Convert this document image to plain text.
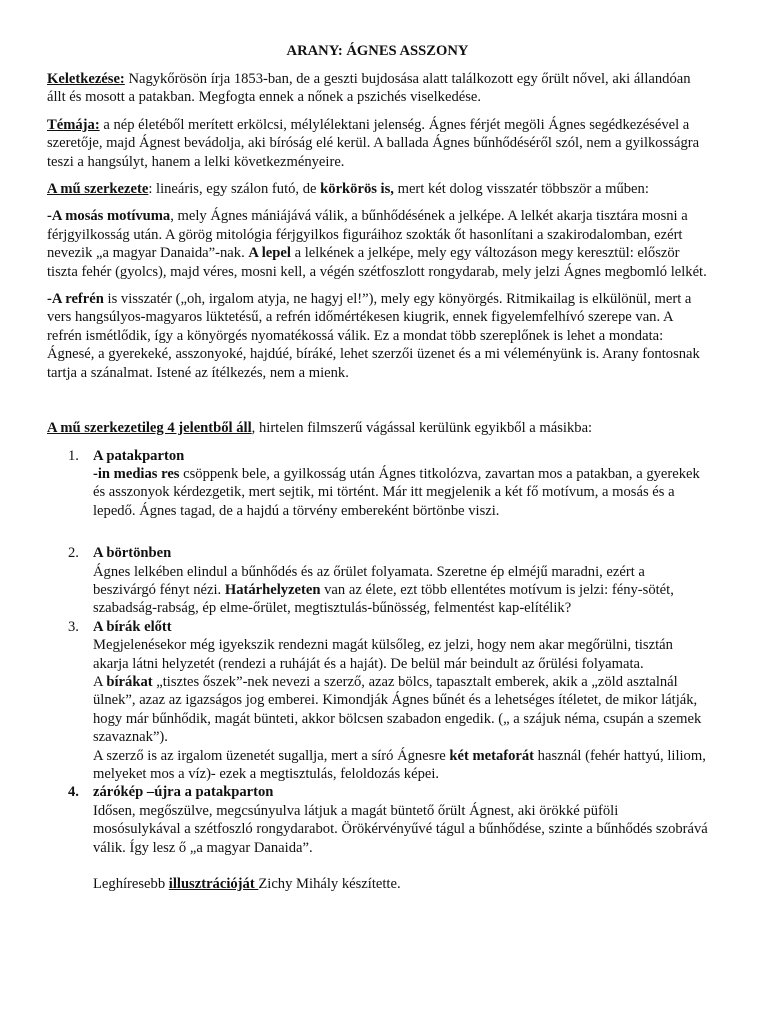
ARANY: ÁGNES ASSZONY

Keletkezése: Nagykőrösön írja 1853-ban, de a geszti bujdosása alatt találkozott egy őrült nővel, aki állandóan állt és mosott a patakban. Megfogta ennek a nőnek a pszichés viselkedése.

Témája: a nép életéből merített erkölcsi, mélylélektani jelenség. Ágnes férjét megöli Ágnes segédkezésével a szeretője, majd Ágnest bevádolja, aki bíróság elé kerül. A ballada Ágnes bűnhődéséről szól, nem a gyilkosságra teszi a hangsúlyt, hanem a lelki következményeire.

A mű szerkezete: lineáris, egy szálon futó, de körkörös is, mert két dolog visszatér többször a műben:

-A mosás motívuma, mely Ágnes mániájává válik, a bűnhődésének a jelképe. A lelkét akarja tisztára mosni a férjgyilkosság után. A görög mitológia férjgyilkos figuráihoz szokták őt hasonlítani a szakirodalomban, ezért nevezik „a magyar Danaida”-nak. A lepel a lelkének a jelképe, mely egy változáson megy keresztül: először tiszta fehér (gyolcs), majd véres, mosni kell, a végén szétfoszlott rongydarab, mely jelzi Ágnes megbomló lelkét.

-A refrén is visszatér („oh, irgalom atyja, ne hagyj el!”), mely egy könyörgés. Ritmikailag is elkülönül, mert a vers hangsúlyos-magyaros lüktetésű, a refrén időmértékesen kiugrik, ennek figyelemfelhívó szerepe van. A refrén ismétlődik, így a könyörgés nyomatékossá válik. Ez a mondat több szereplőnek is lehet a mondata: Ágnesé, a gyerekeké, asszonyoké, hajdúé, bíráké, lehet szerzői üzenet és a mi véleményünk is. Arany fontosnak tartja a szánalmat. Istené az ítélkezés, nem a mienk.

A mű szerkezetileg 4 jelentből áll, hirtelen filmszerű vágással kerülünk egyikből a másikba:

1. A patakparton
-in medias res csöppenk bele, a gyilkosság után Ágnes titkolózva, zavartan mos a patakban, a gyerekek és asszonyok kérdezgetik, mert sejtik, mi történt. Már itt megjelenik a két fő motívum, a mosás és a lepedő. Ágnes tagad, de a hajdú a törvény embereként börtönbe viszi.
2. A börtönben
Ágnes lelkében elindul a bűnhődés és az őrület folyamata. Szeretne ép elméjű maradni, ezért a beszivárgó fényt nézi. Határhelyzeten van az élete, ezt több ellentétes motívum is jelzi: fény-sötét, szabadság-rabság, ép elme-őrület, megtisztulás-bűnösség, felmentést kap-elítélik?
3. A bírák előtt
Megjelenésekor még igyekszik rendezni magát külsőleg, ez jelzi, hogy nem akar megőrülni, tisztán akarja látni helyzetét (rendezi a ruháját és a haját). De belül már beindult az őrülési folyamata.
A bírákat „tisztes őszek”-nek nevezi a szerző, azaz bölcs, tapasztalt emberek, akik a „zöld asztalnál ülnek”, azaz az igazságos jog emberei. Kimondják Ágnes bűnét és a lehetséges ítéletet, de mikor látják, hogy már bűnhődik, magát bünteti, akkor bölcsen szabadon engedik. („ a szájuk néma, csupán a szemek szavaznak”).
A szerző is az irgalom üzenetét sugallja, mert a síró Ágnesre két metaforát használ (fehér hattyú, liliom, melyeket mos a víz)- ezek a megtisztulás, feloldozás képei.
4. zárókép –újra a patakparton
Idősen, megőszülve, megcsúnyulva látjuk a magát büntető őrült Ágnest, aki örökké püföli mosósulykával a szétfoszló rongydarabot. Örökérvényűvé tágul a bűnhődése, szinte a bűnhődés szobrává válik. Így lesz ő „a magyar Danaida”.
Leghíresebb illusztrációját Zichy Mihály készítette.
